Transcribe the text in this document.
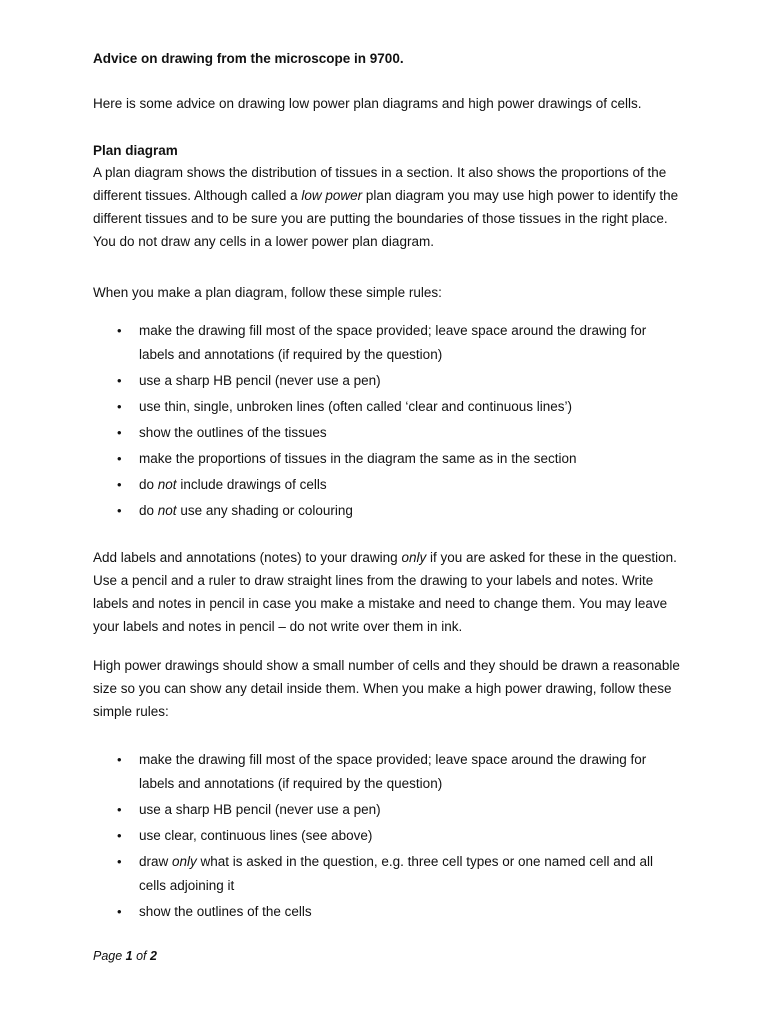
Advice on drawing from the microscope in 9700.

Here is some advice on drawing low power plan diagrams and high power drawings of cells.

Plan diagram

A plan diagram shows the distribution of tissues in a section. It also shows the proportions of the different tissues. Although called a low power plan diagram you may use high power to identify the different tissues and to be sure you are putting the boundaries of those tissues in the right place. You do not draw any cells in a lower power plan diagram.

When you make a plan diagram, follow these simple rules:

• make the drawing fill most of the space provided; leave space around the drawing for labels and annotations (if required by the question)
• use a sharp HB pencil (never use a pen)
• use thin, single, unbroken lines (often called ‘clear and continuous lines’)
• show the outlines of the tissues
• make the proportions of tissues in the diagram the same as in the section
• do not include drawings of cells
• do not use any shading or colouring

Add labels and annotations (notes) to your drawing only if you are asked for these in the question. Use a pencil and a ruler to draw straight lines from the drawing to your labels and notes. Write labels and notes in pencil in case you make a mistake and need to change them. You may leave your labels and notes in pencil – do not write over them in ink.

High power drawings should show a small number of cells and they should be drawn a reasonable size so you can show any detail inside them. When you make a high power drawing, follow these simple rules:

• make the drawing fill most of the space provided; leave space around the drawing for labels and annotations (if required by the question)
• use a sharp HB pencil (never use a pen)
• use clear, continuous lines (see above)
• draw only what is asked in the question, e.g. three cell types or one named cell and all cells adjoining it
• show the outlines of the cells

Page 1 of 2
